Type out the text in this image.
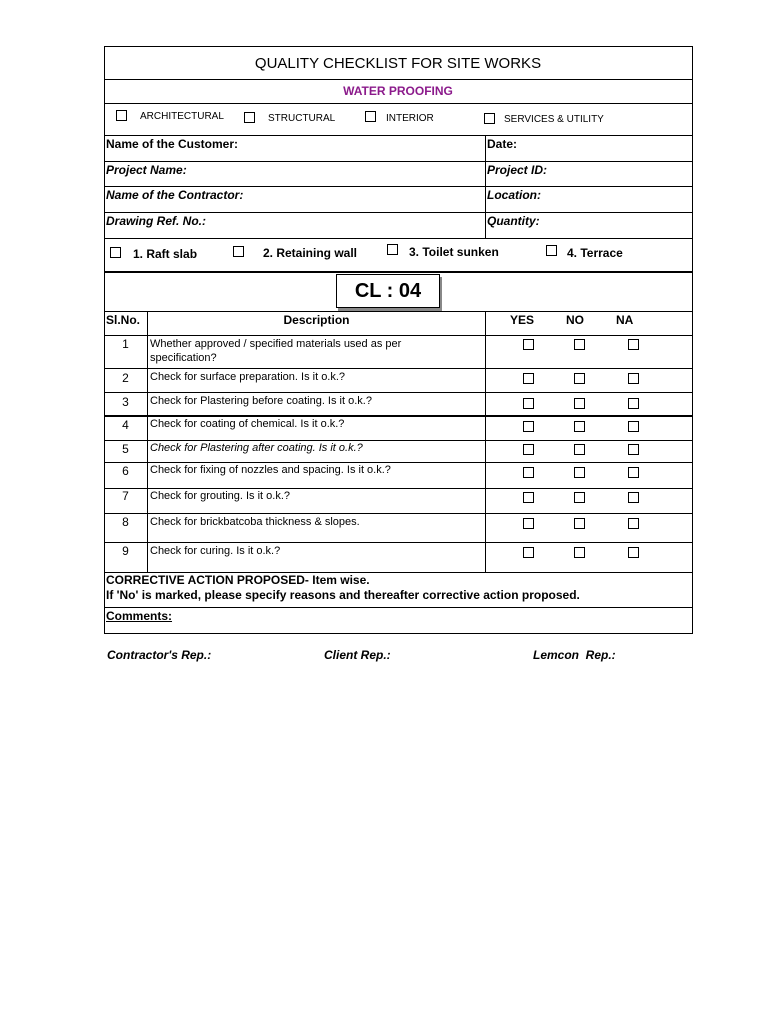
QUALITY CHECKLIST FOR SITE WORKS
WATER PROOFING
ARCHITECTURAL	STRUCTURAL	INTERIOR	SERVICES & UTILITY
Name of the Customer:	Date:
Project Name:	Project ID:
Name of the Contractor:	Location:
Drawing Ref. No.:	Quantity:
1. Raft slab	2. Retaining wall	3. Toilet sunken	4. Terrace
CL : 04
Sl.No.	Description	YES	NO	NA
1	Whether approved / specified materials used as per specification?
2	Check for surface preparation. Is it o.k.?
3	Check for Plastering before coating. Is it o.k.?
4	Check for coating of chemical. Is it o.k.?
5	Check for Plastering after coating. Is it o.k.?
6	Check for fixing of nozzles and spacing. Is it o.k.?
7	Check for grouting. Is it o.k.?
8	Check for brickbatcoba thickness & slopes.
9	Check for curing. Is it o.k.?
CORRECTIVE ACTION PROPOSED- Item wise.
If 'No' is marked, please specify reasons and thereafter corrective action proposed.
Comments:
Contractor's Rep.:	Client Rep.:	Lemcon  Rep.:
